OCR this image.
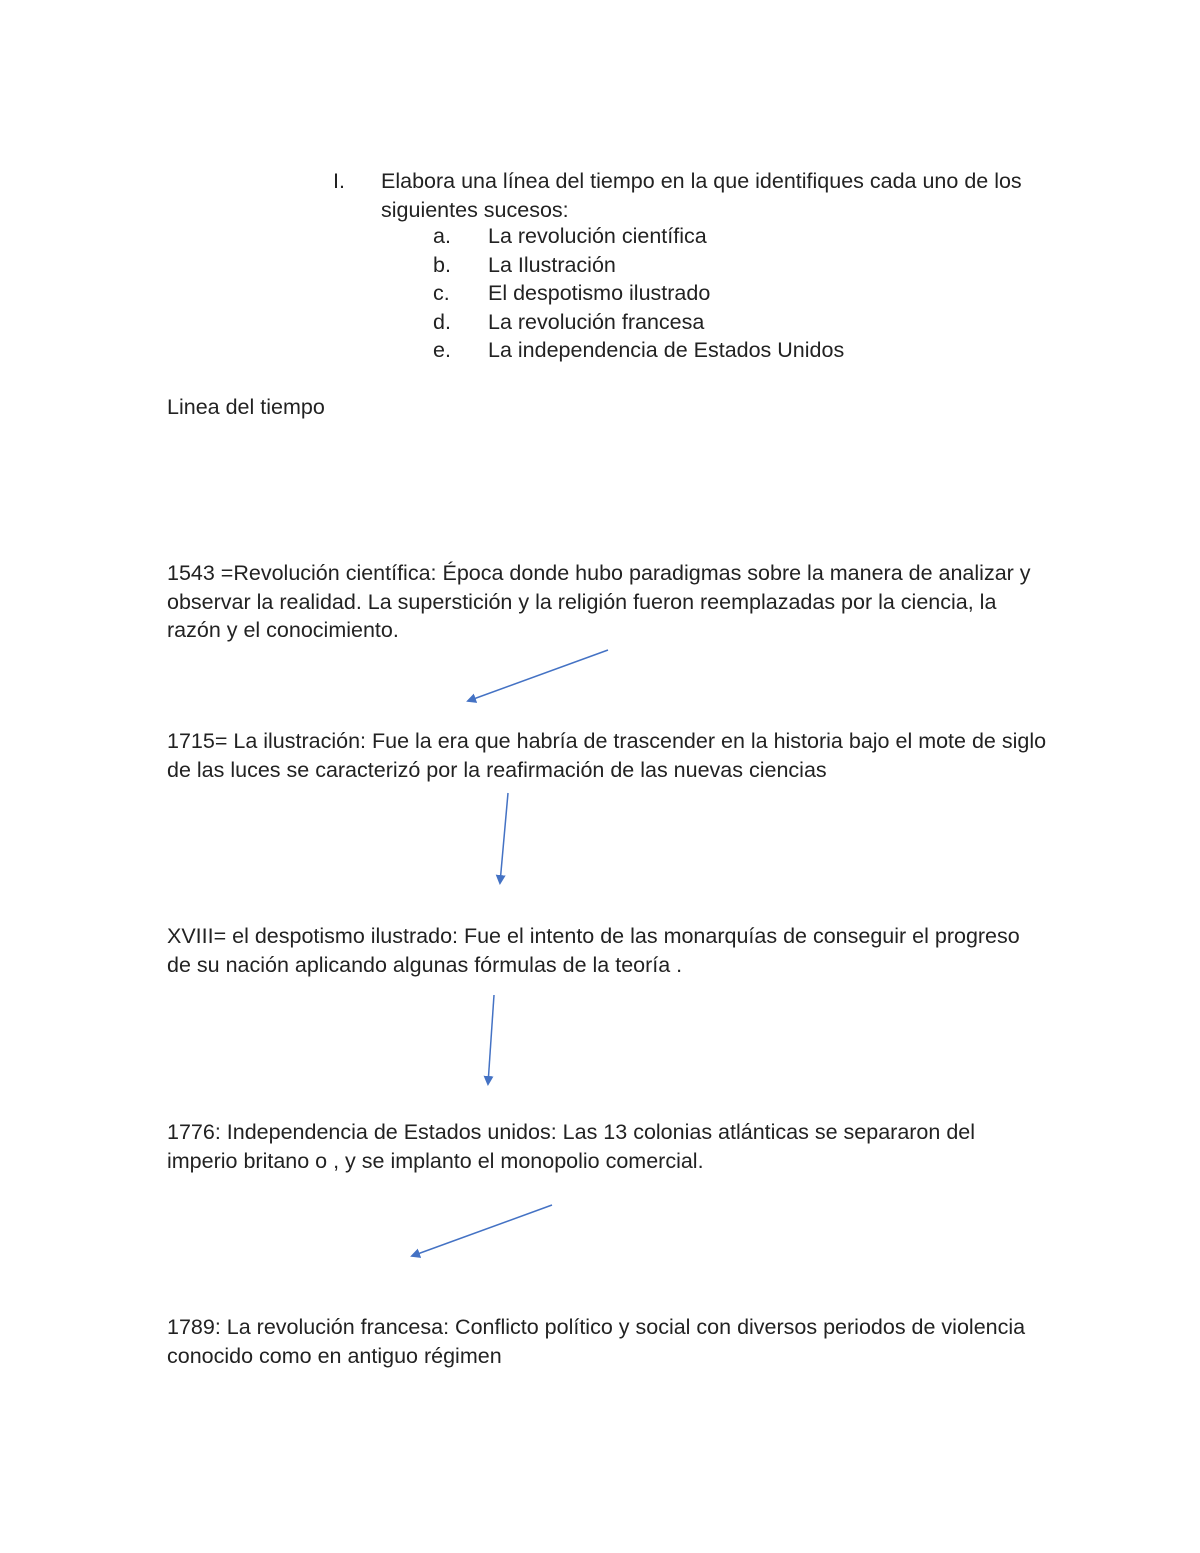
I. Elabora una línea del tiempo en la que identifiques cada uno de los siguientes sucesos:
a. La revolución científica
b. La Ilustración
c. El despotismo ilustrado
d. La revolución francesa
e. La independencia de Estados Unidos
Linea del tiempo

1543 =Revolución científica: Época donde hubo paradigmas sobre la manera de analizar y observar la realidad. La superstición y la religión fueron reemplazadas por la ciencia, la razón y el conocimiento.

1715= La ilustración: Fue la era que habría de trascender en la historia bajo el mote de siglo de las luces se caracterizó por la reafirmación de las nuevas ciencias

XVIII= el despotismo ilustrado: Fue el intento de las monarquías de conseguir el progreso de su nación aplicando algunas fórmulas de la teoría .

1776: Independencia de Estados unidos: Las 13 colonias atlánticas se separaron del imperio britano o , y se implanto el monopolio comercial.

1789: La revolución francesa: Conflicto político y social con diversos periodos de violencia conocido como en antiguo régimen
